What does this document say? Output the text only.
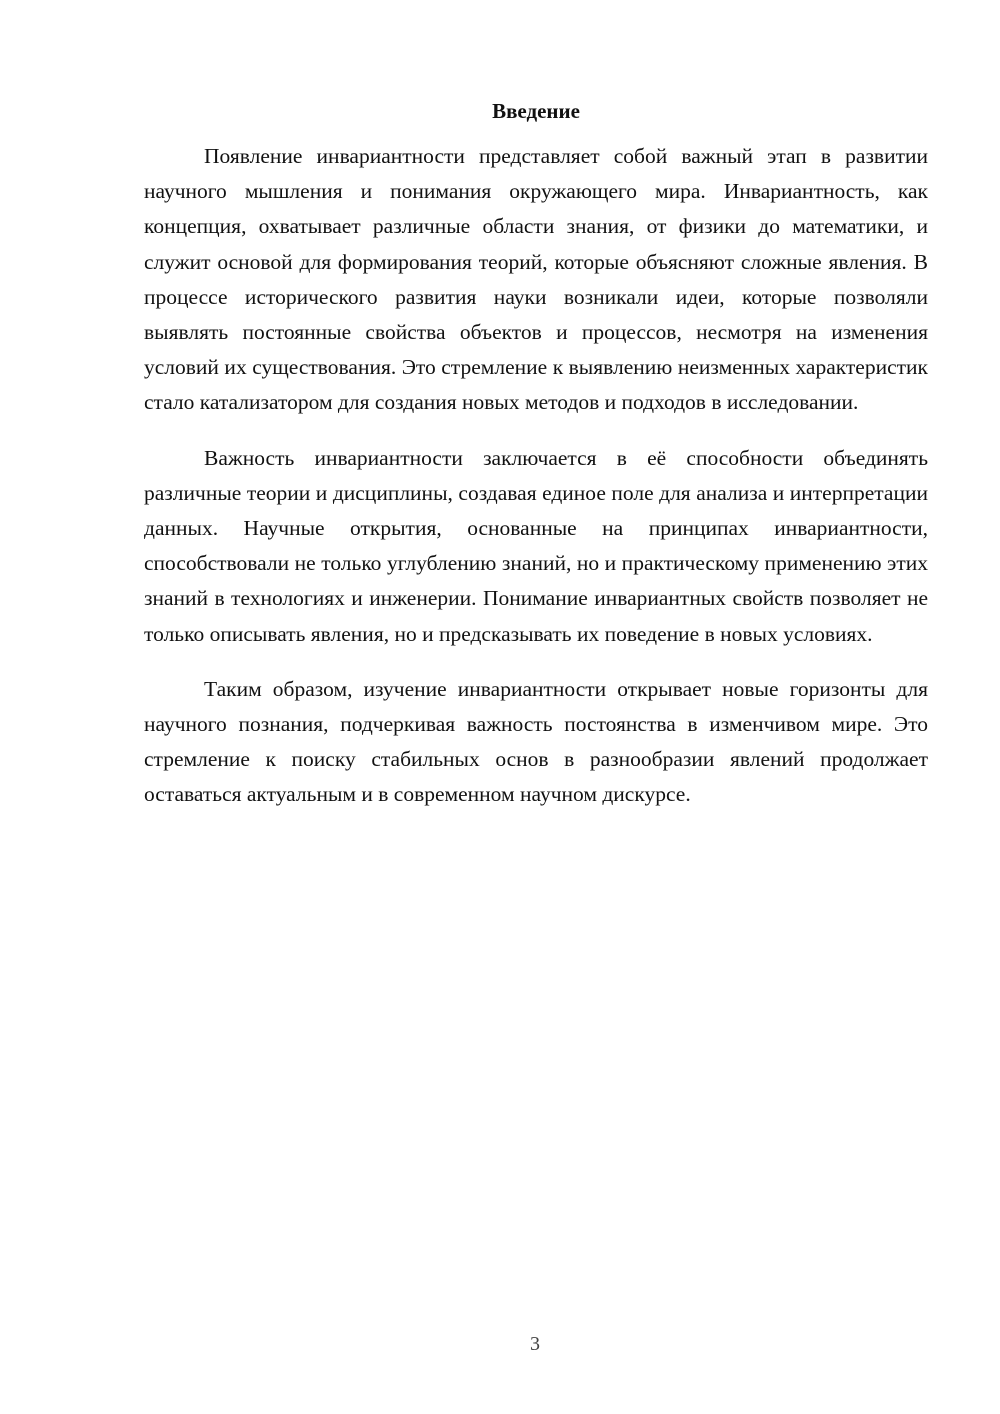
Введение

Появление инвариантности представляет собой важный этап в развитии научного мышления и понимания окружающего мира. Инвариантность, как концепция, охватывает различные области знания, от физики до математики, и служит основой для формирования теорий, которые объясняют сложные явления. В процессе исторического развития науки возникали идеи, которые позволяли выявлять постоянные свойства объектов и процессов, несмотря на изменения условий их существования. Это стремление к выявлению неизменных характеристик стало катализатором для создания новых методов и подходов в исследовании.

Важность инвариантности заключается в её способности объединять различные теории и дисциплины, создавая единое поле для анализа и интерпретации данных. Научные открытия, основанные на принципах инвариантности, способствовали не только углублению знаний, но и практическому применению этих знаний в технологиях и инженерии. Понимание инвариантных свойств позволяет не только описывать явления, но и предсказывать их поведение в новых условиях.

Таким образом, изучение инвариантности открывает новые горизонты для научного познания, подчеркивая важность постоянства в изменчивом мире. Это стремление к поиску стабильных основ в разнообразии явлений продолжает оставаться актуальным и в современном научном дискурсе.

3
